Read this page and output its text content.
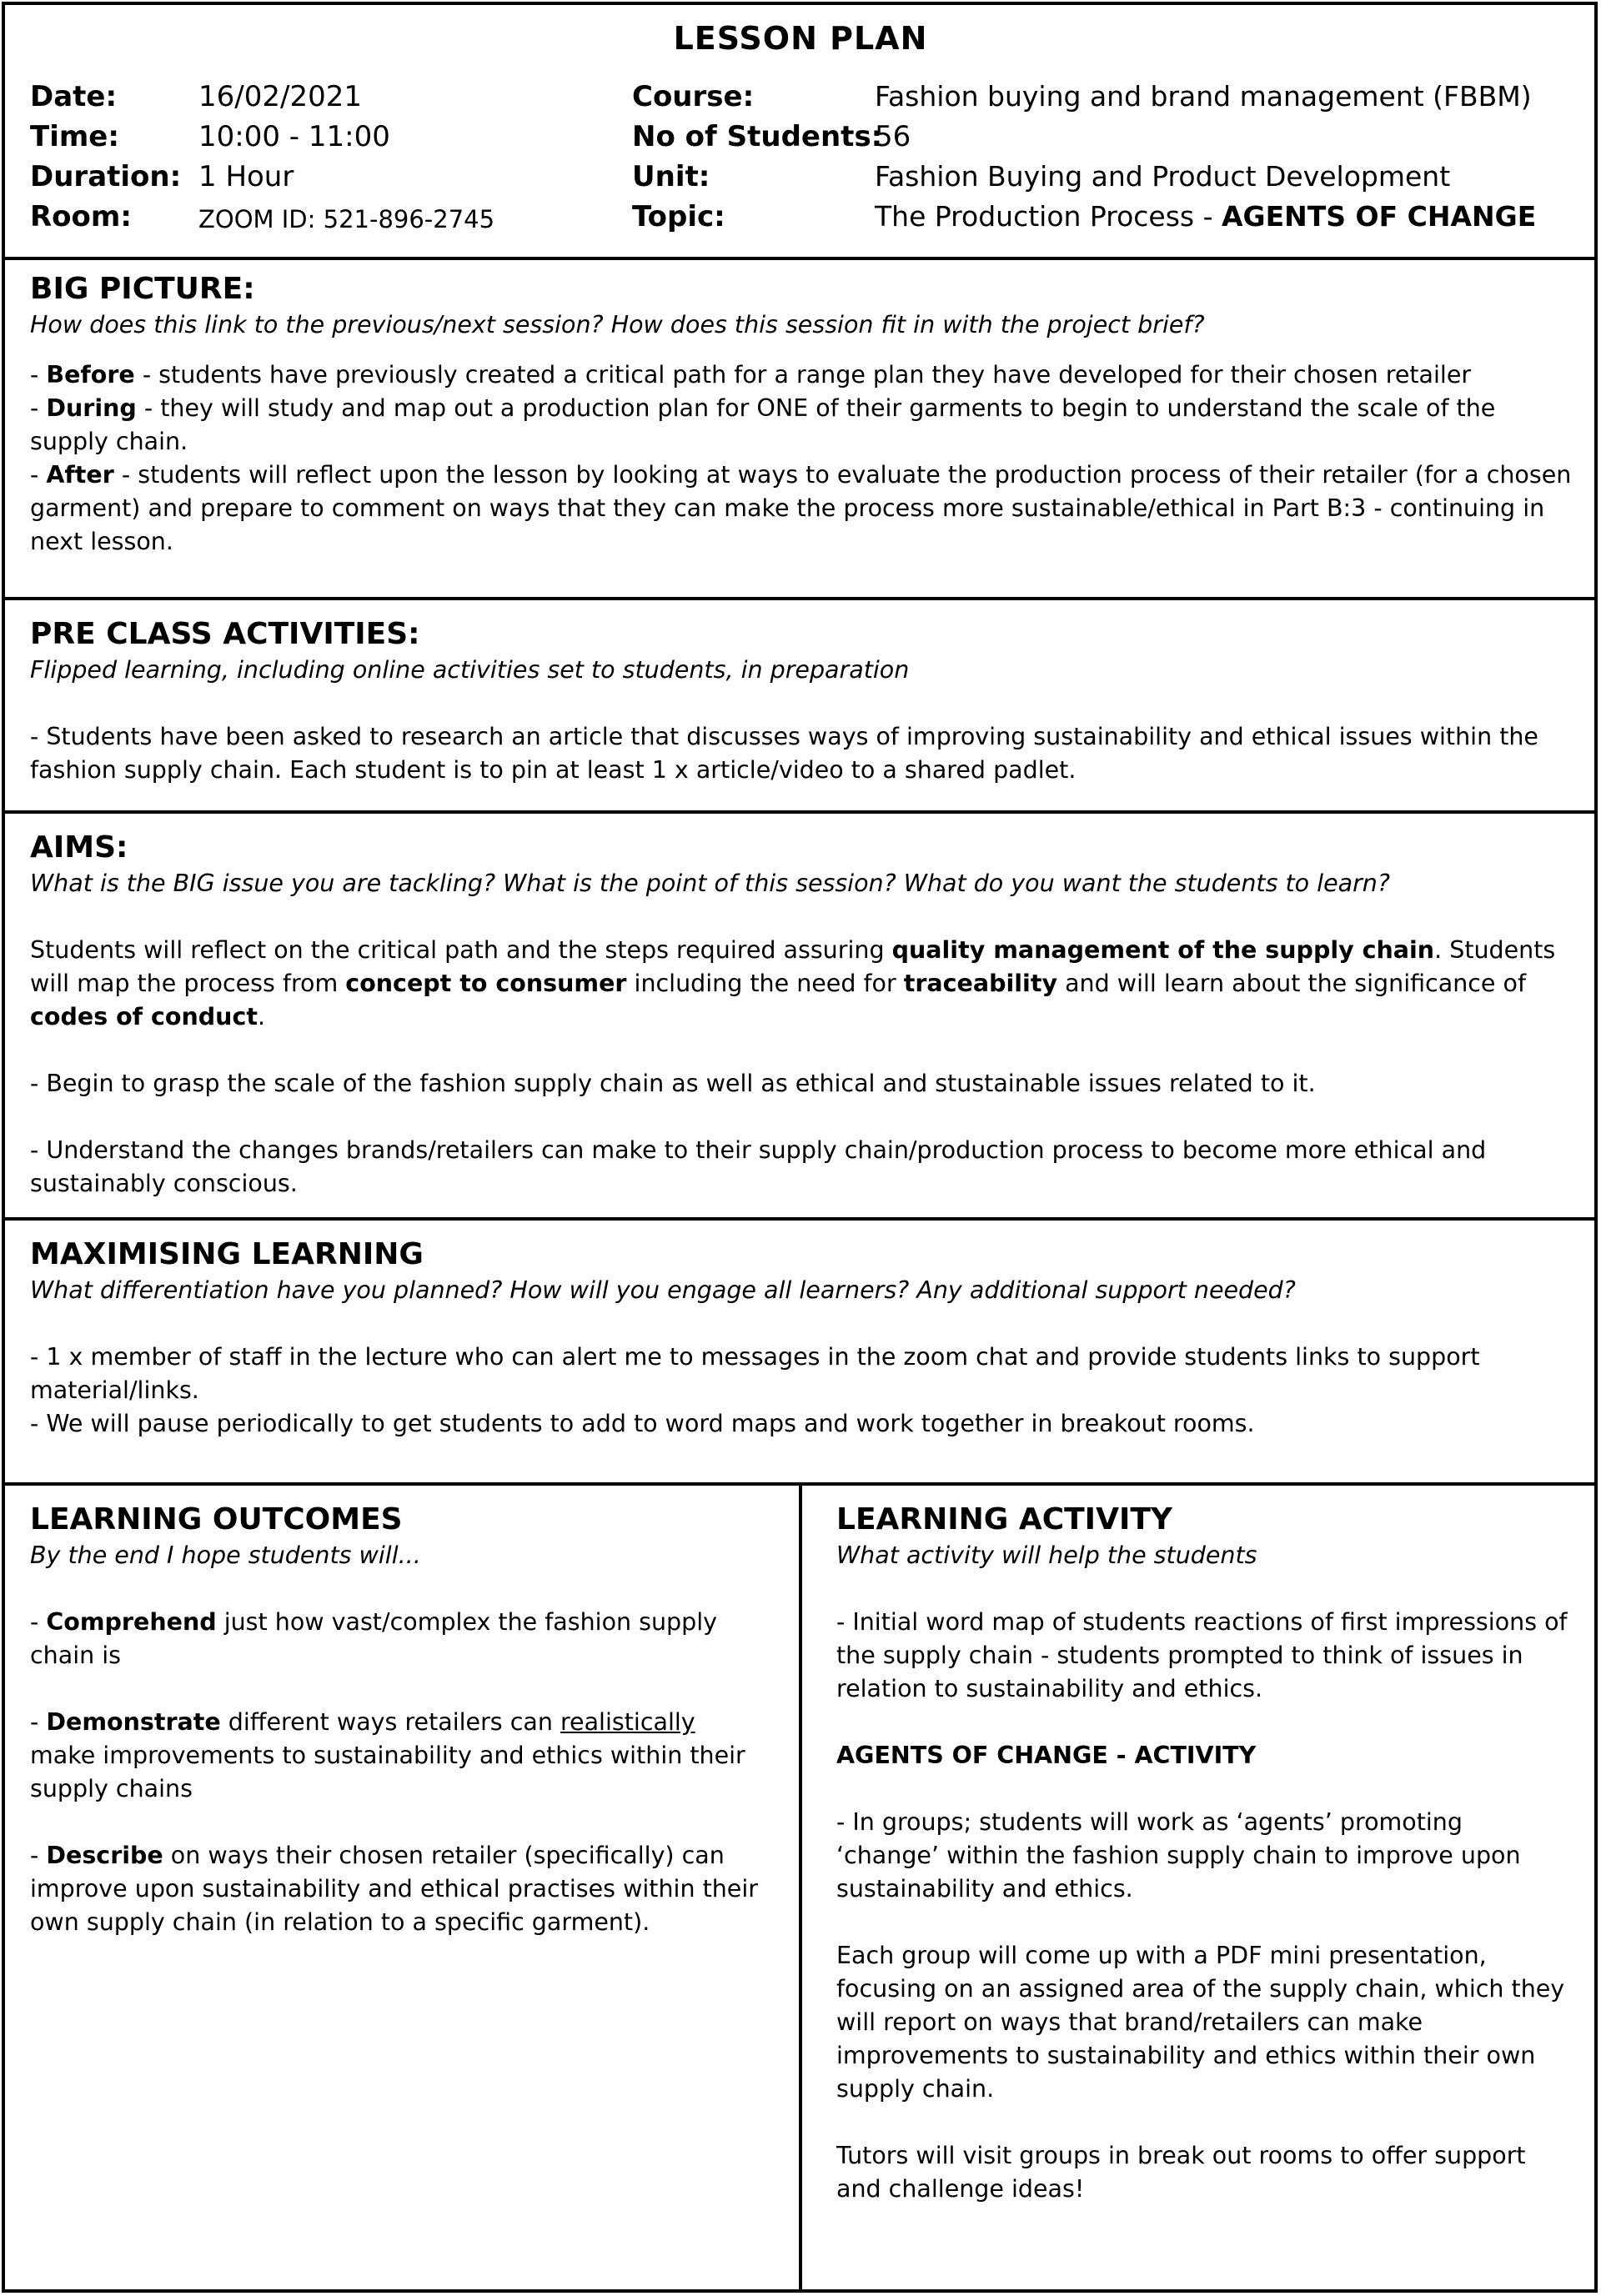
LESSON PLAN
Date:	16/02/2021
Time:	10:00 - 11:00
Duration: 1 Hour
Room:	ZOOM ID: 521-896-2745
Course:	Fashion buying and brand management (FBBM)
No of Students:
56
Unit:	Fashion Buying and Product Development
Topic:	The Production Process - AGENTS OF CHANGE

BIG PICTURE:

How does this link to the previous/next session? How does this session fit in with the project brief?

- Before - students have previously created a critical path for a range plan they have developed for their chosen retailer

- During - they will study and map out a production plan for ONE of their garments to begin to understand the scale of the supply chain.

- After - students will reflect upon the lesson by looking at ways to evaluate the production process of their retailer (for a chosen garment) and prepare to comment on ways that they can make the process more sustainable/ethical in Part B:3 - continuing in next lesson.

PRE CLASS ACTIVITIES:

Flipped learning, including online activities set to students, in preparation

- Students have been asked to research an article that discusses ways of improving sustainability and ethical issues within the fashion supply chain. Each student is to pin at least 1 x article/video to a shared padlet.

AIMS:

What is the BIG issue you are tackling? What is the point of this session? What do you want the students to learn?

Students will reflect on the critical path and the steps required assuring quality management of the supply chain. Students will map the process from concept to consumer including the need for traceability and will learn about the significance of codes of conduct.

- Begin to grasp the scale of the fashion supply chain as well as ethical and stustainable issues related to it.

- Understand the changes brands/retailers can make to their supply chain/production process to become more ethical and sustainably conscious.

MAXIMISING LEARNING

What differentiation have you planned? How will you engage all learners? Any additional support needed?

- 1 x member of staff in the lecture who can alert me to messages in the zoom chat and provide students links to support material/links.

- We will pause periodically to get students to add to word maps and work together in breakout rooms.

LEARNING OUTCOMES

By the end I hope students will...

- Comprehend just how vast/complex the fashion supply chain is

- Demonstrate different ways retailers can realistically make improvements to sustainability and ethics within their supply chains

- Describe on ways their chosen retailer (specifically) can improve upon sustainability and ethical practises within their own supply chain (in relation to a specific garment).

LEARNING ACTIVITY

What activity will help the students

- Initial word map of students reactions of first impressions of the supply chain - students prompted to think of issues in relation to sustainability and ethics.

AGENTS OF CHANGE - ACTIVITY

- In groups; students will work as ‘agents’ promoting ‘change’ within the fashion supply chain to improve upon sustainability and ethics.

Each group will come up with a PDF mini presentation, focusing on an assigned area of the supply chain, which they will report on ways that brand/retailers can make improvements to sustainability and ethics within their own supply chain.

Tutors will visit groups in break out rooms to offer support and challenge ideas!
